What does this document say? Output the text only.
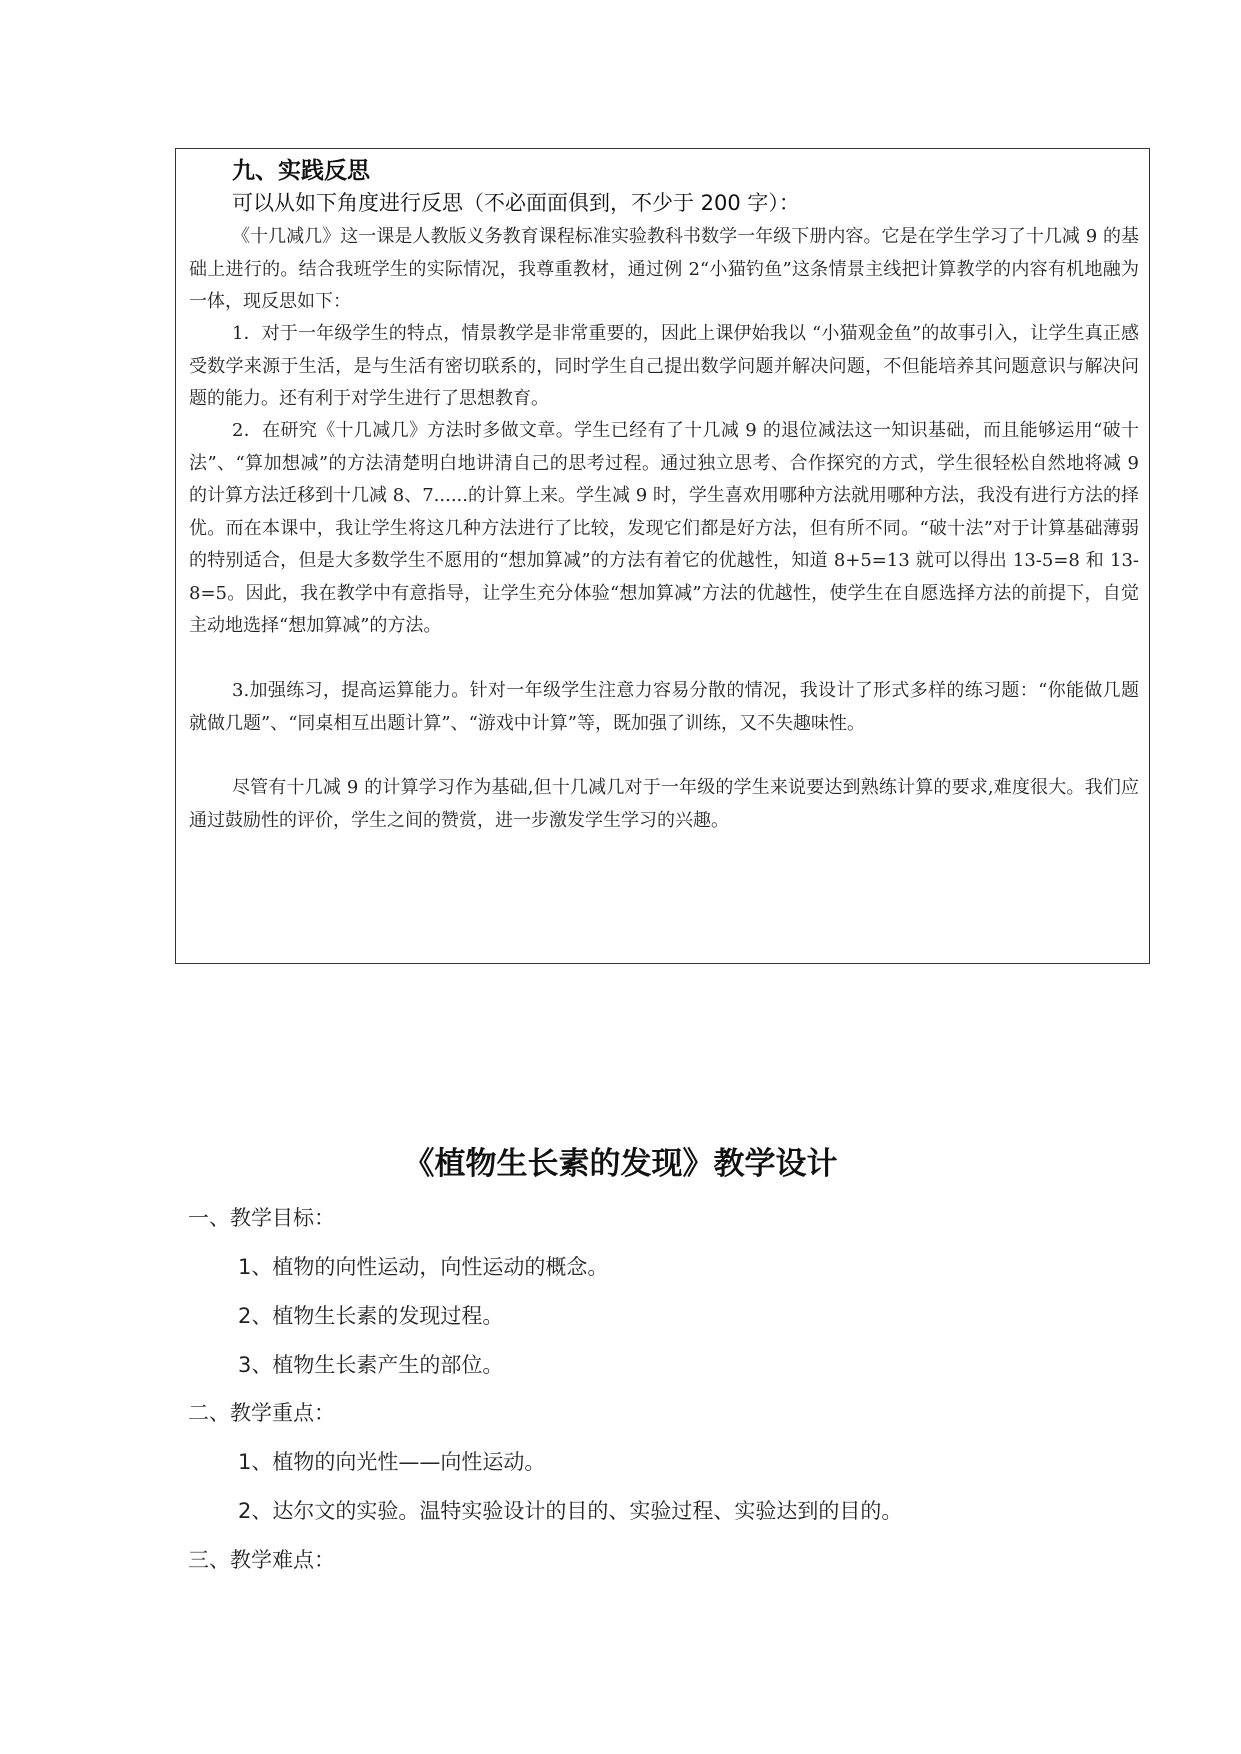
九、实践反思
可以从如下角度进行反思（不必面面俱到，不少于 200 字）：
《十几减几》这一课是人教版义务教育课程标准实验教科书数学一年级下册内容。它是在学生学习了十几减 9 的基础上进行的。结合我班学生的实际情况，我尊重教材，通过例 2“小猫钓鱼”这条情景主线把计算教学的内容有机地融为一体，现反思如下：
1．对于一年级学生的特点，情景教学是非常重要的，因此上课伊始我以 “小猫观金鱼”的故事引入，让学生真正感受数学来源于生活，是与生活有密切联系的，同时学生自己提出数学问题并解决问题，不但能培养其问题意识与解决问题的能力。还有利于对学生进行了思想教育。
2．在研究《十几减几》方法时多做文章。学生已经有了十几减 9 的退位减法这一知识基础，而且能够运用“破十法”、“算加想减”的方法清楚明白地讲清自己的思考过程。通过独立思考、合作探究的方式，学生很轻松自然地将减 9 的计算方法迁移到十几减 8、7......的计算上来。学生减 9 时，学生喜欢用哪种方法就用哪种方法，我没有进行方法的择优。而在本课中，我让学生将这几种方法进行了比较，发现它们都是好方法，但有所不同。“破十法”对于计算基础薄弱的特别适合，但是大多数学生不愿用的“想加算减”的方法有着它的优越性，知道 8+5=13 就可以得出 13-5=8 和 13-8=5。因此，我在教学中有意指导，让学生充分体验“想加算减”方法的优越性，使学生在自愿选择方法的前提下，自觉主动地选择“想加算减”的方法。
3.加强练习，提高运算能力。针对一年级学生注意力容易分散的情况，我设计了形式多样的练习题：“你能做几题就做几题”、“同桌相互出题计算”、“游戏中计算”等，既加强了训练，又不失趣味性。
尽管有十几减 9 的计算学习作为基础,但十几减几对于一年级的学生来说要达到熟练计算的要求,难度很大。我们应通过鼓励性的评价，学生之间的赞赏，进一步激发学生学习的兴趣。
《植物生长素的发现》教学设计
一、教学目标：
1、植物的向性运动，向性运动的概念。
2、植物生长素的发现过程。
3、植物生长素产生的部位。
二、教学重点：
1、植物的向光性——向性运动。
2、达尔文的实验。温特实验设计的目的、实验过程、实验达到的目的。
三、教学难点：
